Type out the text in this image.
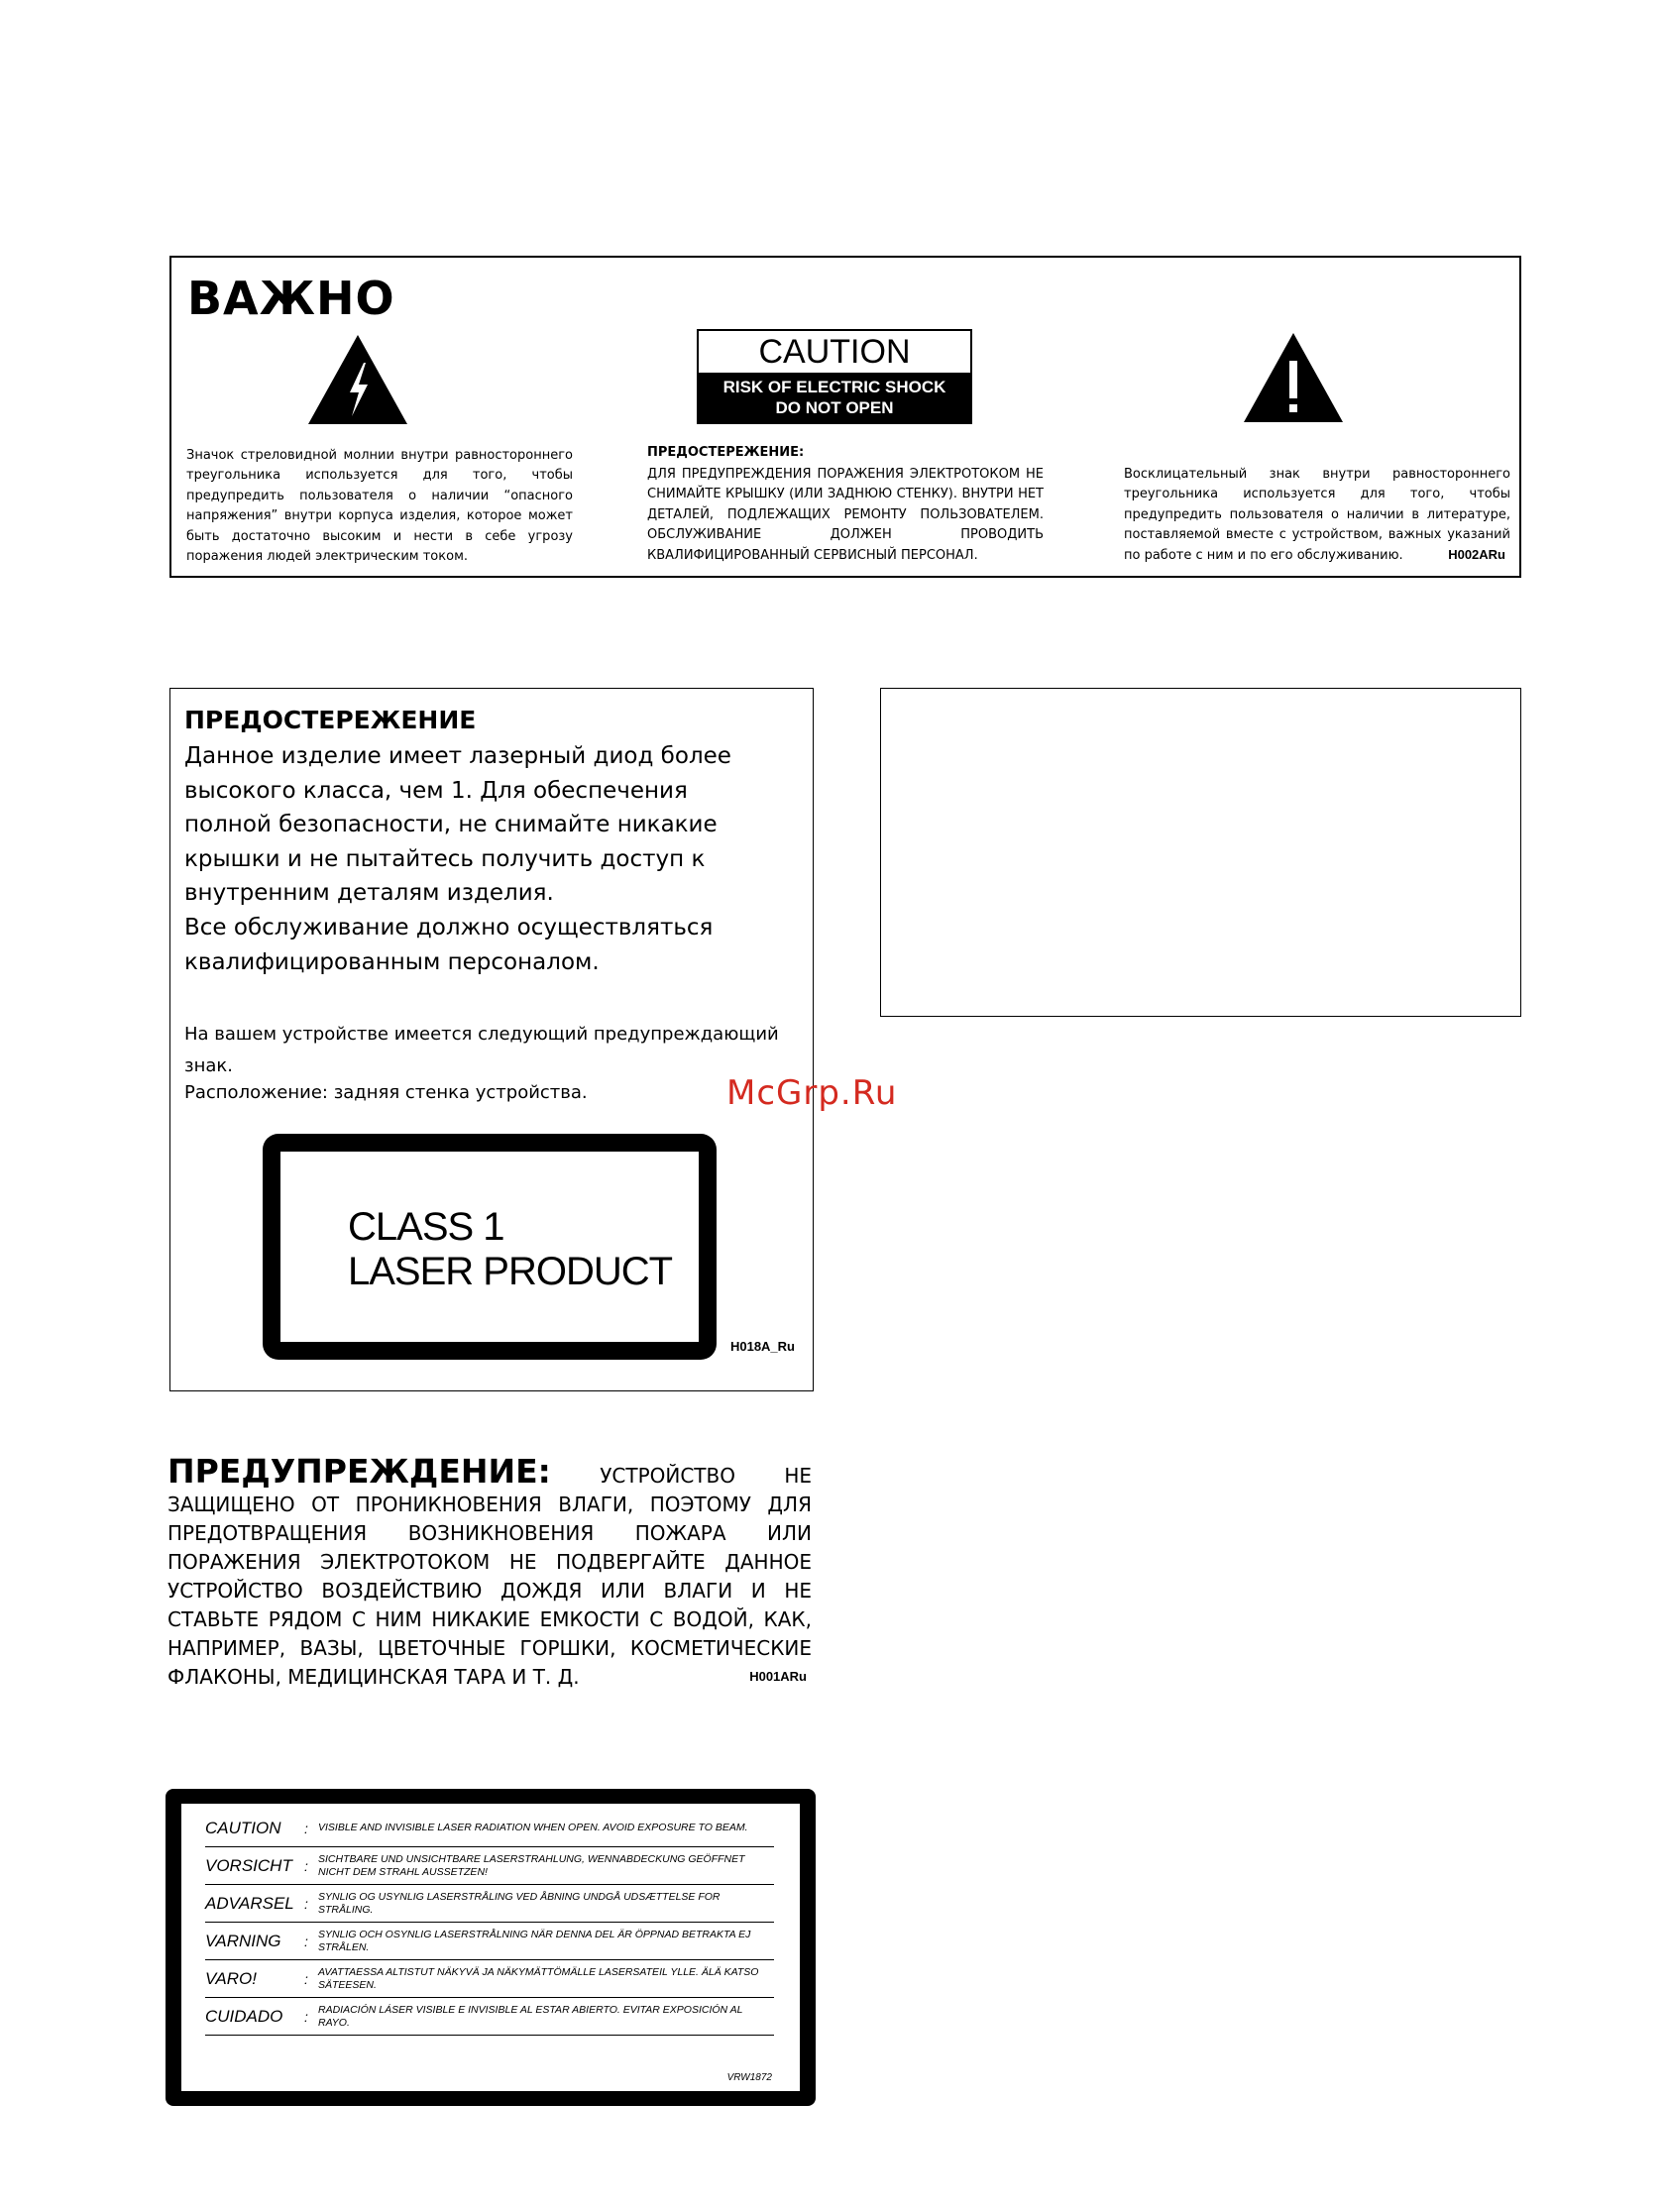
ВАЖНО
CAUTION
RISK OF ELECTRIC SHOCK
DO NOT OPEN

Значок стреловидной молнии внутри равностороннего треугольника используется для того, чтобы предупредить пользователя о наличии “опасного напряжения” внутри корпуса изделия, которое может быть достаточно высоким и нести в себе угрозу поражения людей электрическим током.

ПРЕДОСТЕРЕЖЕНИЕ:

ДЛЯ ПРЕДУПРЕЖДЕНИЯ ПОРАЖЕНИЯ ЭЛЕКТРОТОКОМ НЕ СНИМАЙТЕ КРЫШКУ (ИЛИ ЗАДНЮЮ СТЕНКУ). ВНУТРИ НЕТ ДЕТАЛЕЙ, ПОДЛЕЖАЩИХ РЕМОНТУ ПОЛЬЗОВАТЕЛЕМ. ОБСЛУЖИВАНИЕ ДОЛЖЕН ПРОВОДИТЬ КВАЛИФИЦИРОВАННЫЙ СЕРВИСНЫЙ ПЕРСОНАЛ.

Восклицательный знак внутри равностороннего треугольника используется для того, чтобы предупредить пользователя о наличии в литературе, поставляемой вместе с устройством, важных указаний по работе с ним и по его обслуживанию.	H002ARu
ПРЕДОСТЕРЕЖЕНИЕ

Данное изделие имеет лазерный диод более высокого класса, чем 1. Для обеспечения полной безопасности, не снимайте никакие крышки и не пытайтесь получить доступ к внутренним деталям изделия.

Все обслуживание должно осуществляться квалифицированным персоналом.

На вашем устройстве имеется следующий предупреждающий знак.

Расположение: задняя стенка устройства.
CLASS 1
LASER PRODUCT
H018A_Ru
McGrp.Ru

ПРЕДУПРЕЖДЕНИЕ: УСТРОЙСТВО НЕ ЗАЩИЩЕНО ОТ ПРОНИКНОВЕНИЯ ВЛАГИ, ПОЭТОМУ ДЛЯ ПРЕДОТВРАЩЕНИЯ ВОЗНИКНОВЕНИЯ ПОЖАРА ИЛИ ПОРАЖЕНИЯ ЭЛЕКТРОТОКОМ НЕ ПОДВЕРГАЙТЕ ДАННОЕ УСТРОЙСТВО ВОЗДЕЙСТВИЮ ДОЖДЯ ИЛИ ВЛАГИ И НЕ СТАВЬТЕ РЯДОМ С НИМ НИКАКИЕ ЕМКОСТИ С ВОДОЙ, КАК, НАПРИМЕР, ВАЗЫ, ЦВЕТОЧНЫЕ ГОРШКИ, КОСМЕТИЧЕСКИЕ ФЛАКОНЫ, МЕДИЦИНСКАЯ ТАРА И Т. Д.	H001ARu
CAUTION	: VISIBLE AND INVISIBLE LASER RADIATION WHEN OPEN. AVOID EXPOSURE TO BEAM.
VORSICHT : SICHTBARE UND UNSICHTBARE LASERSTRAHLUNG, WENNABDECKUNG GEÖFFNET NICHT DEM STRAHL AUSSETZEN!
ADVARSEL : SYNLIG OG USYNLIG LASERSTRÅLING VED ÅBNING UNDGÅ UDSÆTTELSE FOR STRÅLING.
VARNING	: SYNLIG OCH OSYNLIG LASERSTRÅLNING NÄR DENNA DEL ÄR ÖPPNAD BETRAKTA EJ STRÅLEN.
VARO!	: AVATTAESSA ALTISTUT NÄKYVÄ JA NÄKYMÄTTÖMÄLLE LASERSATEIL YLLE. ÄLÄ KATSO SÄTEESEN.
CUIDADO	: RADIACIÓN LÁSER VISIBLE E INVISIBLE AL ESTAR ABIERTO. EVITAR EXPOSICIÓN AL RAYO.
VRW1872
